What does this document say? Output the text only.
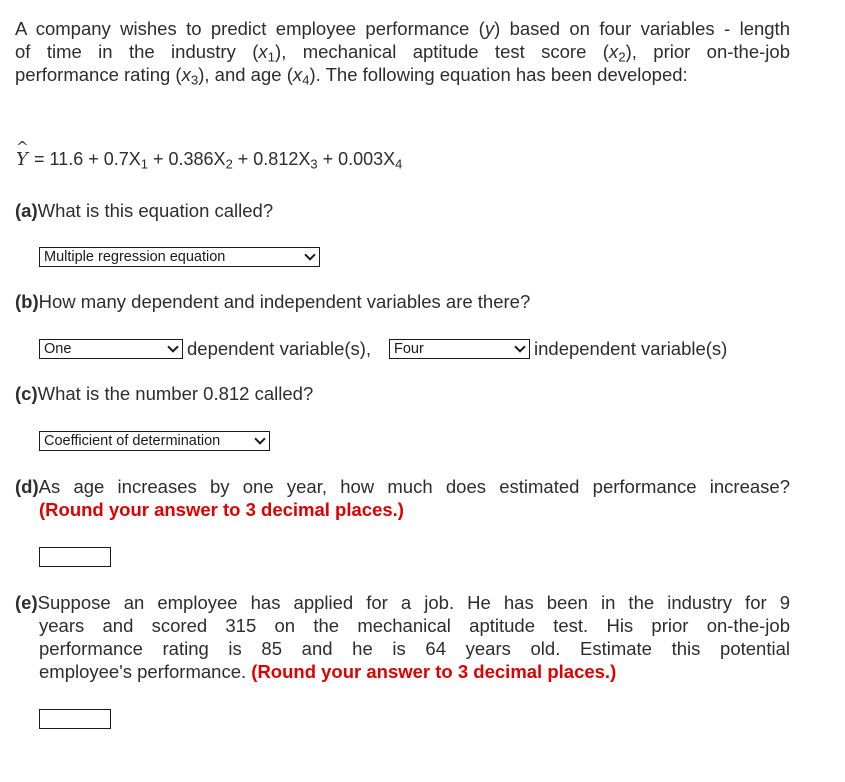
A company wishes to predict employee performance (y) based on four variables - length
of time in the industry $(x_1)$, mechanical aptitude test score $(x_2)$, prior on-the-job
performance rating $(x_3)$, and age $(x_4)$. The following equation has been developed:
^ $Y = 11.6 + 0.7X_1 + 0.386X_2 + 0.812X_3 + 0.003X_4$
(a)What is this equation called?
Multiple regression equation
(b)How many dependent and independent variables are there?
One	dependent variable(s),	Four	independent variable(s)
(c)What is the number 0.812 called?
Coefficient of determination
(d)As age increases by one year, how much does estimated performance increase?
(Round your answer to 3 decimal places.)
(e)Suppose an employee has applied for a job. He has been in the industry for 9
years and scored 315 on the mechanical aptitude test. His prior on-the-job
performance rating is 85 and he is 64 years old. Estimate this potential
employee's performance. (Round your answer to 3 decimal places.)
